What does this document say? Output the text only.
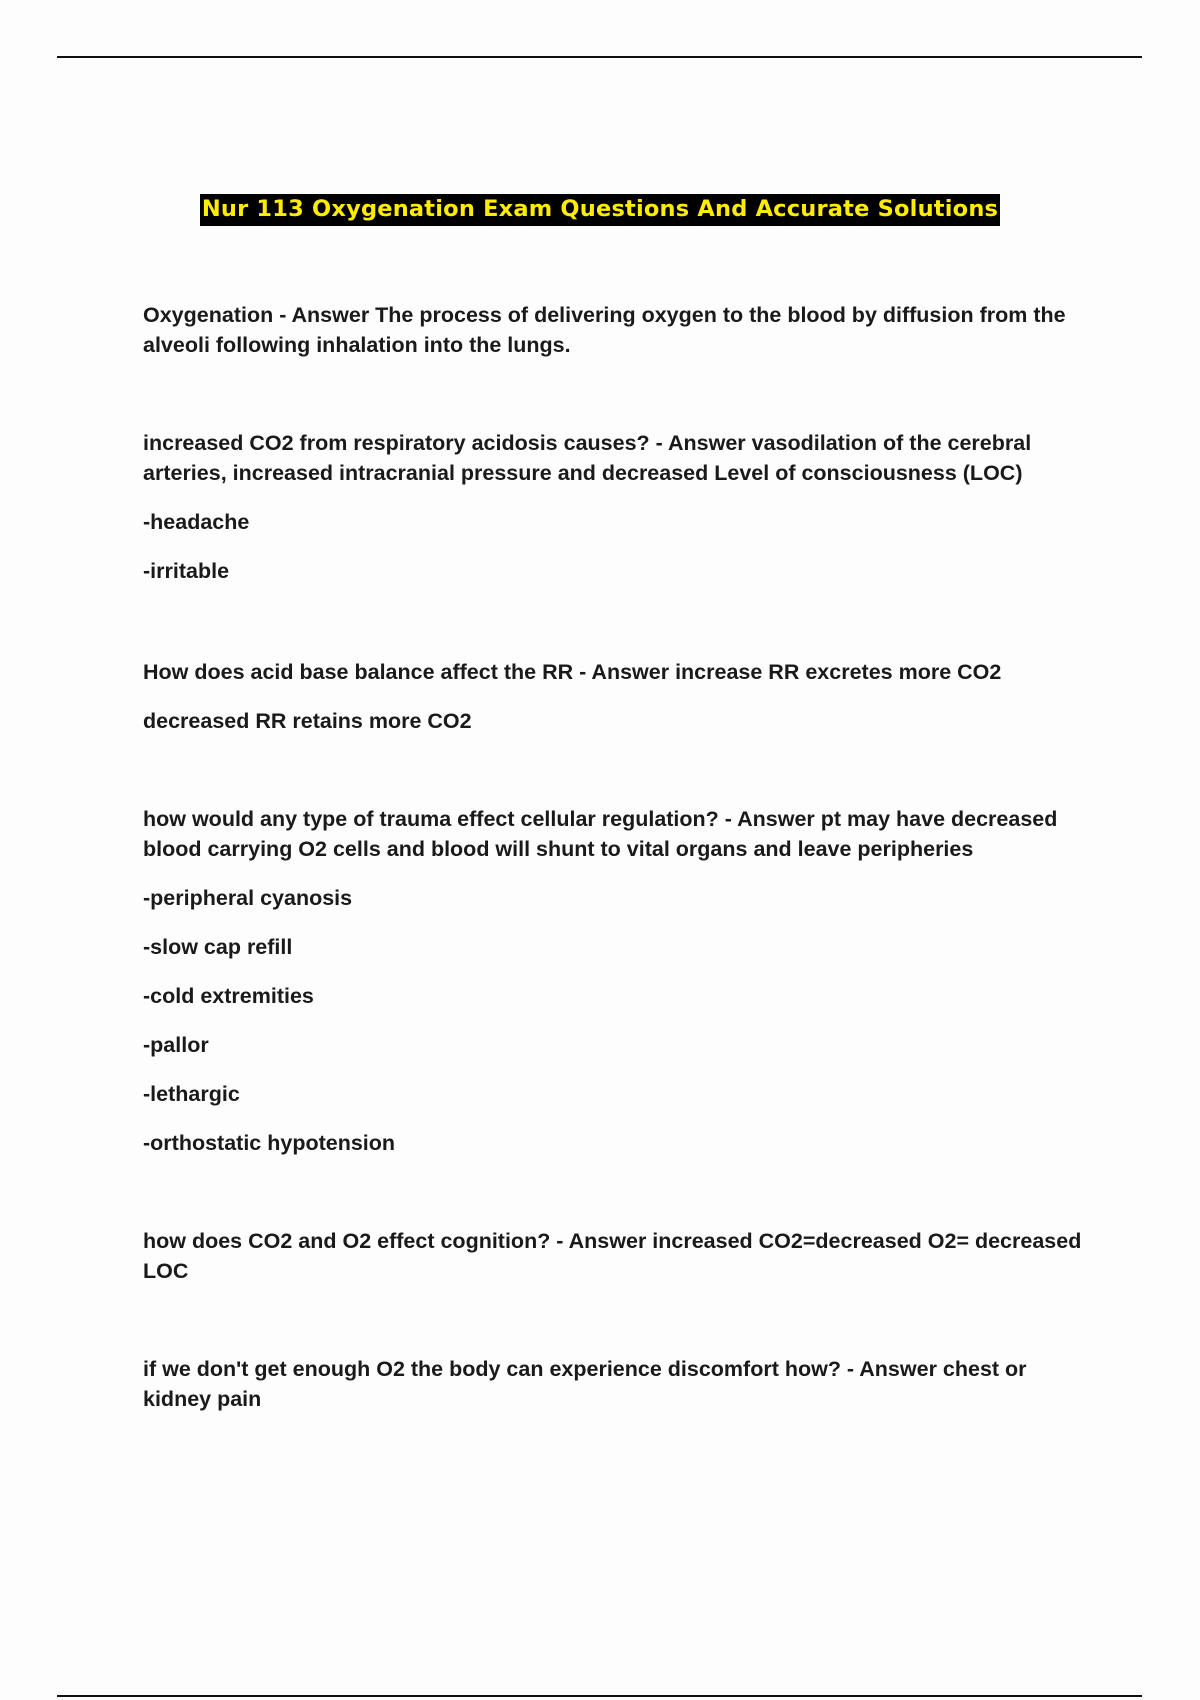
Nur 113 Oxygenation Exam Questions And Accurate Solutions

Oxygenation - Answer The process of delivering oxygen to the blood by diffusion from the alveoli following inhalation into the lungs.

increased CO2 from respiratory acidosis causes? - Answer vasodilation of the cerebral arteries, increased intracranial pressure and decreased Level of consciousness (LOC)

-headache

-irritable

How does acid base balance affect the RR - Answer increase RR excretes more CO2

decreased RR retains more CO2

how would any type of trauma effect cellular regulation? - Answer pt may have decreased blood carrying O2 cells and blood will shunt to vital organs and leave peripheries

-peripheral cyanosis

-slow cap refill

-cold extremities

-pallor

-lethargic

-orthostatic hypotension

how does CO2 and O2 effect cognition? - Answer increased CO2=decreased O2= decreased LOC

if we don't get enough O2 the body can experience discomfort how? - Answer chest or kidney pain
